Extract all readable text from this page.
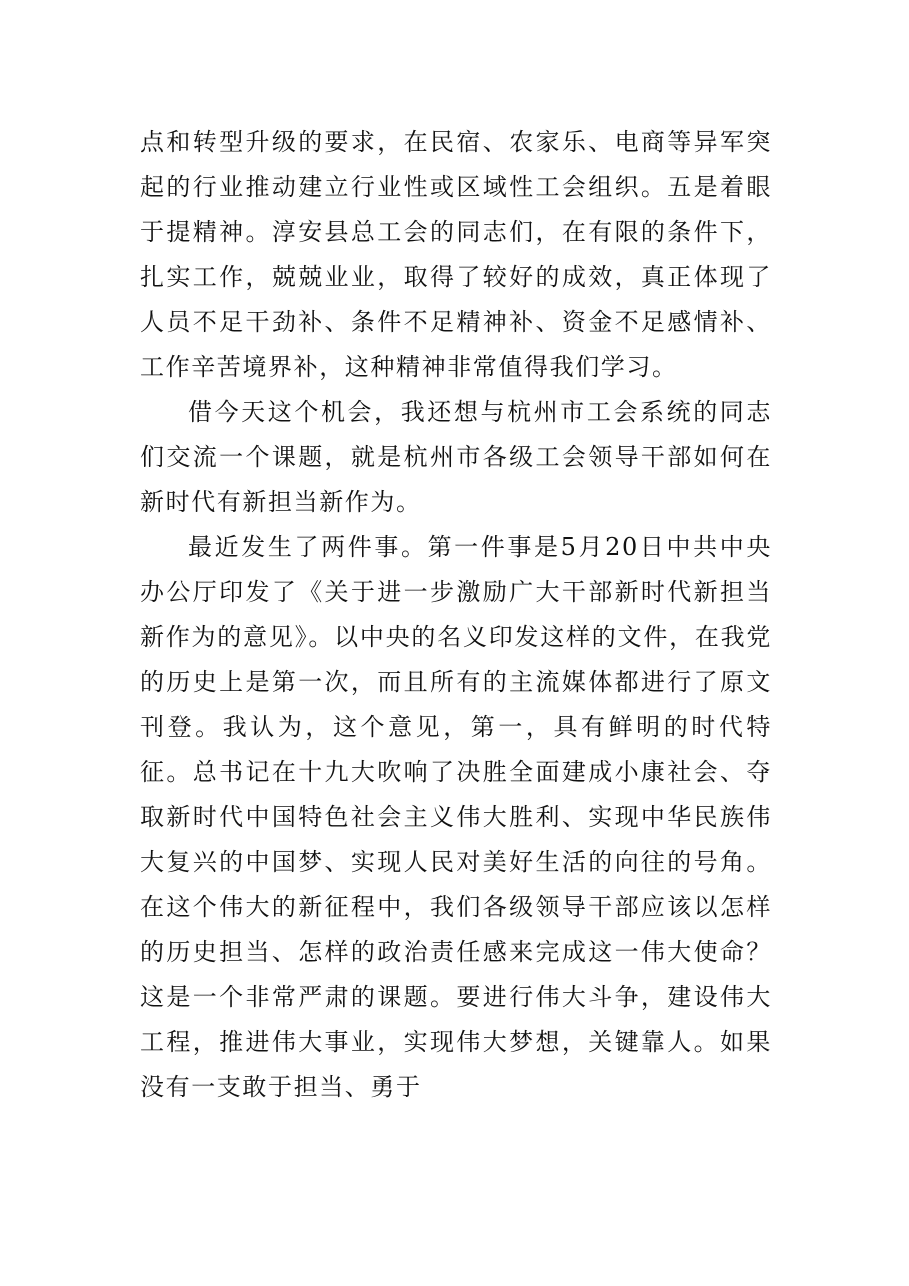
点和转型升级的要求，在民宿、农家乐、电商等异军突起的行业推动建立行业性或区域性工会组织。五是着眼于提精神。淳安县总工会的同志们，在有限的条件下，扎实工作，兢兢业业，取得了较好的成效，真正体现了人员不足干劲补、条件不足精神补、资金不足感情补、工作辛苦境界补，这种精神非常值得我们学习。

借今天这个机会，我还想与杭州市工会系统的同志们交流一个课题，就是杭州市各级工会领导干部如何在新时代有新担当新作为。

最近发生了两件事。第一件事是5月20日中共中央办公厅印发了《关于进一步激励广大干部新时代新担当新作为的意见》。以中央的名义印发这样的文件，在我党的历史上是第一次，而且所有的主流媒体都进行了原文刊登。我认为，这个意见，第一，具有鲜明的时代特征。总书记在十九大吹响了决胜全面建成小康社会、夺取新时代中国特色社会主义伟大胜利、实现中华民族伟大复兴的中国梦、实现人民对美好生活的向往的号角。在这个伟大的新征程中，我们各级领导干部应该以怎样的历史担当、怎样的政治责任感来完成这一伟大使命？这是一个非常严肃的课题。要进行伟大斗争，建设伟大工程，推进伟大事业，实现伟大梦想，关键靠人。如果没有一支敢于担当、勇于
